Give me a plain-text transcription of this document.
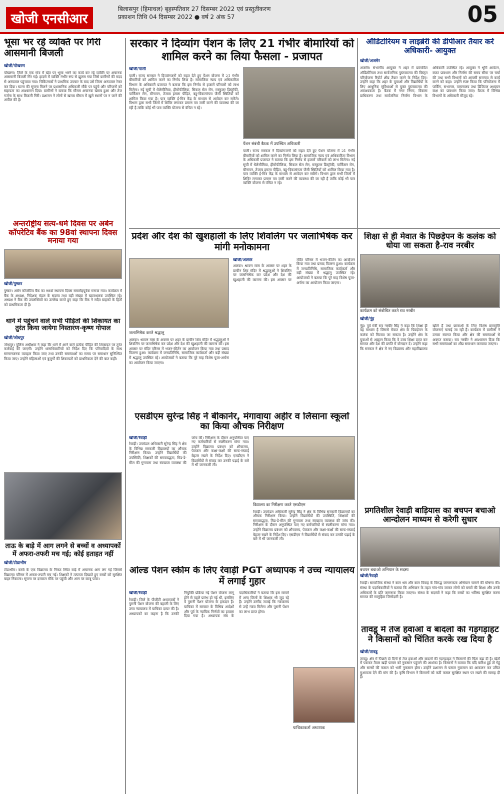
खोजी एनसीआर
बिलासपुर (हिमाचल) बृहस्पतिवार 27 दिसम्बर 2022 एवं प्रस्तुतीकरण
प्रकाशन तिथि 04 दिसम्बर 2022 ● वर्ष 2 अंक 57	05
भूसा भर रहे व्यक्ति पर गिरी आसमानी बिजली
खोजी/पोखरण
पोखरण। जिले के एक गांव में खेत पर भूसा भरने का कार्य कर रहे व्यक्ति पर अचानक आसमानी बिजली गिर गई। हादसे में व्यक्ति गंभीर रूप से झुलस गया जिसे ग्रामीणों की मदद से अस्पताल पहुंचाया गया। चिकित्सकों ने प्राथमिक उपचार के बाद उसे जिला अस्पताल रेफर कर दिया। घटना की सूचना मिलने पर प्रशासनिक अधिकारी मौके पर पहुंचे और परिजनों को सहायता का आश्वासन दिया। ग्रामीणों ने बताया कि मौसम अचानक खराब हुआ और तेज गर्जना के साथ बिजली गिरी। प्रशासन ने लोगों से खराब मौसम में खुले स्थानों पर न जाने की अपील की है।
अन्तर्राष्ट्रीय सत्य-धर्म दिवस पर अर्बन कॉपरेटिव बैंक का 98वां स्थापना दिवस मनाया गया
खोजी/पुष्कर
पुष्कर। अर्बन कॉपरेटिव बैंक का 98वां स्थापना दिवस समारोहपूर्वक मनाया गया। कार्यक्रम में बैंक के अध्यक्ष, निदेशक मंडल के सदस्य तथा बड़ी संख्या में खाताधारक उपस्थित रहे। अध्यक्ष ने बैंक की उपलब्धियों का उल्लेख करते हुए कहा कि बैंक ने सदैव ग्राहकों के हितों को प्राथमिकता दी है।
थाने में पहुंचने वाले सभी पीड़ितों की शिकायत का तुरंत किया जायेगा निस्तारण-कृष्ण गोपाल
खोजी/जोधपुर
जोधपुर। पुलिस अधीक्षक ने कहा कि थाने में आने वाले प्रत्येक पीड़ित की शिकायत पर तुरंत कार्रवाई की जाएगी। उन्होंने थानाधिकारियों को निर्देश दिए कि परिवादियों के साथ सम्मानजनक व्यवहार किया जाए तथा उनकी समस्याओं का समय पर समाधान सुनिश्चित किया जाए। उन्होंने महिलाओं एवं बुजुर्गों की शिकायतों को प्राथमिकता देने की बात कही।
ताऊ के बाड़े में आग लगने से बच्चों व अध्यापकों में अफरा-तफरी मच गई; कोई हताहत नहीं
खोजी/टोडाभीम
टोडाभीम। कस्बे के एक विद्यालय के निकट स्थित बाड़े में अचानक आग लग गई जिससे विद्यालय परिसर में अफरा-तफरी मच गई। शिक्षकों ने तत्परता दिखाते हुए बच्चों को सुरक्षित बाहर निकाला। सूचना पर दमकल मौके पर पहुंची और आग पर काबू पाया।
सरकार ने दिव्यांग पेंशन के लिए 21 गंभीर बीमारियों को शामिल करने का लिया फैसला - प्रजापत
खोजी/पाली
पाली। राज्य सरकार ने दिव्यांगजनों को राहत देते हुए पेंशन योजना में 21 गंभीर बीमारियों को शामिल करने का निर्णय लिया है। सामाजिक न्याय एवं अधिकारिता विभाग के अधिकारी प्रजापत ने बताया कि इस निर्णय से हजारों परिवारों को लाभ मिलेगा। नई सूची में थैलेसीमिया, हीमोफीलिया, सिकल सेल रोग, मस्कुलर डिस्ट्रॉफी, पार्किंसन रोग, बौनापन, तेजाब हमला पीड़ित, बहु-विकलांगता जैसी स्थितियों को शामिल किया गया है। पात्र व्यक्ति ई-मित्र केंद्र के माध्यम से आवेदन कर सकेंगे। विभाग द्वारा सभी जिलों में शिविर लगाकर प्रमाण पत्र जारी करने की व्यवस्था की जा रही है ताकि कोई भी पात्र व्यक्ति योजना से वंचित न रहे।
पेंशन संबंधी बैठक में उपस्थित अधिकारी
पाली। राज्य सरकार ने दिव्यांगजनों को राहत देते हुए पेंशन योजना में 21 गंभीर बीमारियों को शामिल करने का निर्णय लिया है। सामाजिक न्याय एवं अधिकारिता विभाग के अधिकारी प्रजापत ने बताया कि इस निर्णय से हजारों परिवारों को लाभ मिलेगा। नई सूची में थैलेसीमिया, हीमोफीलिया, सिकल सेल रोग, मस्कुलर डिस्ट्रॉफी, पार्किंसन रोग, बौनापन, तेजाब हमला पीड़ित, बहु-विकलांगता जैसी स्थितियों को शामिल किया गया है। पात्र व्यक्ति ई-मित्र केंद्र के माध्यम से आवेदन कर सकेंगे। विभाग द्वारा सभी जिलों में शिविर लगाकर प्रमाण पत्र जारी करने की व्यवस्था की जा रही है ताकि कोई भी पात्र व्यक्ति योजना से वंचित न रहे।
ऑडिटोरियम व लाइब्रेरी की डीपीआर तैयार करें अधिकारी- आयुक्त
खोजी/अजमेर
अजमेर। संभागीय आयुक्त ने शहर में प्रस्तावित ऑडिटोरियम तथा सार्वजनिक पुस्तकालय की विस्तृत परियोजना रिपोर्ट शीघ्र तैयार करने के निर्देश दिए। उन्होंने कहा कि शहर के युवाओं और विद्यार्थियों के लिए आधुनिक सुविधाओं से युक्त पुस्तकालय की आवश्यकता है। बैठक में नगर निगम, विकास प्राधिकरण तथा सार्वजनिक निर्माण विभाग के अधिकारी उपस्थित रहे। आयुक्त ने भूमि आवंटन, बजट प्रावधान और निर्माण की समय सीमा पर चर्चा की तथा सभी विभागों को आपसी समन्वय से कार्य करने को कहा। उन्होंने स्पष्ट किया कि परियोजना में पार्किंग, सभागार, वाचनालय तथा डिजिटल अध्ययन कक्ष का प्रावधान किया जाए। बैठक में विभिन्न विभागों के अधिकारी मौजूद रहे।
प्रदेश और देश की खुशहाली के लिए शिवलिंग पर जलाभिषेक कर मांगी मनोकामना
जलाभिषेक करते श्रद्धालु
अलवर। श्रावण मास के अवसर पर शहर के प्राचीन शिव मंदिर में श्रद्धालुओं ने शिवलिंग पर जलाभिषेक कर प्रदेश और देश की खुशहाली की कामना की। इस अवसर पर मंदिर परिसर में भजन-कीर्तन का आयोजन किया गया तथा प्रसाद वितरण हुआ। कार्यक्रम में जनप्रतिनिधि, सामाजिक कार्यकर्ता और बड़ी संख्या में श्रद्धालु उपस्थित रहे। आयोजकों ने बताया कि पूरे माह विशेष पूजा-अर्चना का आयोजन किया जाएगा।
खोजी/अलवर
अलवर। श्रावण मास के अवसर पर शहर के प्राचीन शिव मंदिर में श्रद्धालुओं ने शिवलिंग पर जलाभिषेक कर प्रदेश और देश की खुशहाली की कामना की। इस अवसर पर मंदिर परिसर में भजन-कीर्तन का आयोजन किया गया तथा प्रसाद वितरण हुआ। कार्यक्रम में जनप्रतिनिधि, सामाजिक कार्यकर्ता और बड़ी संख्या में श्रद्धालु उपस्थित रहे। आयोजकों ने बताया कि पूरे माह विशेष पूजा-अर्चना का आयोजन किया जाएगा।
शिक्षा से ही मेवात के पिछड़ेपन के कलंक को धोया जा सकता है-राव नरबीर
कार्यक्रम को संबोधित करते राव नरबीर
खोजी/नूंह
नूंह। पूर्व मंत्री राव नरबीर सिंह ने कहा कि शिक्षा ही वह माध्यम है जिससे मेवात क्षेत्र के पिछड़ेपन के कलंक को मिटाया जा सकता है। उन्होंने क्षेत्र के युवाओं से आह्वान किया कि वे उच्च शिक्षा प्राप्त कर समाज और देश की प्रगति में योगदान दें। उन्होंने कहा कि सरकार ने क्षेत्र में नए विद्यालय और महाविद्यालय खोले हैं तथा छात्राओं के लिए विशेष छात्रवृत्ति योजनाएं चलाई जा रही हैं। कार्यक्रम में ग्रामीणों ने उनका स्वागत किया और क्षेत्र की समस्याओं से अवगत कराया। राव नरबीर ने आश्वासन दिया कि सभी समस्याओं का शीघ्र समाधान करवाया जाएगा।
एसडीएम सुरेन्द्र सिंह ने बीकानेर, मंगावाया अहीर व लिसाना स्कूलों का किया औचक निरीक्षण
खोजी/रेवाड़ी
रेवाड़ी। उपमंडल अधिकारी सुरेन्द्र सिंह ने क्षेत्र के विभिन्न सरकारी विद्यालयों का औचक निरीक्षण किया। उन्होंने विद्यार्थियों की उपस्थिति, शिक्षकों की समयबद्धता, मिड-डे-मील की गुणवत्ता तथा स्वच्छता व्यवस्था की जांच की। निरीक्षण के दौरान अनुपस्थित पाए गए कर्मचारियों से स्पष्टीकरण मांगा गया। उन्होंने विद्यालय प्रबंधन को शौचालय, पेयजल और कक्षा-कक्षों की साफ-सफाई बेहतर रखने के निर्देश दिए। एसडीएम ने विद्यार्थियों से संवाद कर उनकी पढ़ाई के बारे में भी जानकारी ली।
विद्यालय का निरीक्षण करते एसडीएम
रेवाड़ी। उपमंडल अधिकारी सुरेन्द्र सिंह ने क्षेत्र के विभिन्न सरकारी विद्यालयों का औचक निरीक्षण किया। उन्होंने विद्यार्थियों की उपस्थिति, शिक्षकों की समयबद्धता, मिड-डे-मील की गुणवत्ता तथा स्वच्छता व्यवस्था की जांच की। निरीक्षण के दौरान अनुपस्थित पाए गए कर्मचारियों से स्पष्टीकरण मांगा गया। उन्होंने विद्यालय प्रबंधन को शौचालय, पेयजल और कक्षा-कक्षों की साफ-सफाई बेहतर रखने के निर्देश दिए। एसडीएम ने विद्यार्थियों से संवाद कर उनकी पढ़ाई के बारे में भी जानकारी ली।
प्रगतिशील रेवाड़ी बाड़ियास का बचपन बचाओ आन्दोलन माध्यम से करेगी सुधार
बचपन बचाओ अभियान के सदस्य
खोजी/रेवाड़ी
रेवाड़ी। सामाजिक संस्था ने बाल श्रम और बाल विवाह के विरुद्ध जागरूकता अभियान चलाने की घोषणा की। संस्था के पदाधिकारियों ने बताया कि अभियान के तहत गांव-गांव जाकर लोगों को बच्चों की शिक्षा और उनके अधिकारों के प्रति जागरूक किया जाएगा। संस्था के सदस्यों ने कहा कि बच्चों का भविष्य सुरक्षित करना समाज की सामूहिक जिम्मेदारी है।
ओल्ड पेंशन स्कीम के लिए रेवाड़ी PGT अध्यापक ने उच्च न्यायालय में लगाई गुहार
खोजी/रेवाड़ी
रेवाड़ी। जिले के पीजीटी अध्यापकों ने पुरानी पेंशन योजना की बहाली के लिए उच्च न्यायालय में याचिका दायर की है। अध्यापकों का कहना है कि उनकी नियुक्ति प्रक्रिया नई पेंशन योजना लागू होने से पहले प्रारंभ हो गई थी, इसलिए वे पुरानी पेंशन योजना के हकदार हैं। याचिका में सरकार के विभिन्न आदेशों और पूर्व के न्यायिक निर्णयों का हवाला दिया गया है। अध्यापक संघ के पदाधिकारियों ने बताया कि इस मामले में अन्य जिलों के शिक्षक भी जुड़ रहे हैं। उन्होंने उम्मीद जताई कि न्यायालय से उन्हें न्याय मिलेगा और पुरानी पेंशन का लाभ प्राप्त होगा।
याचिकाकर्ता अध्यापक
तावडू में तेज हवाओं व बादलों की गड़गड़ाहट ने किसानों को चिंतित करके रख दिया है
खोजी/तावडू
तावडू। क्षेत्र में पिछले दो दिनों से तेज हवाओं और बादलों की गड़गड़ाहट ने किसानों की चिंता बढ़ा दी है। खेतों में पककर तैयार खड़ी फसल को नुकसान पहुंचने की आशंका है। किसानों ने बताया कि यदि बारिश हुई तो गेहूं और सरसों की फसल को भारी नुकसान होगा। उन्होंने प्रशासन से फसल नुकसान का आकलन कर उचित मुआवजा देने की मांग की है। कृषि विभाग ने किसानों को कटी फसल सुरक्षित स्थान पर रखने की सलाह दी है।
